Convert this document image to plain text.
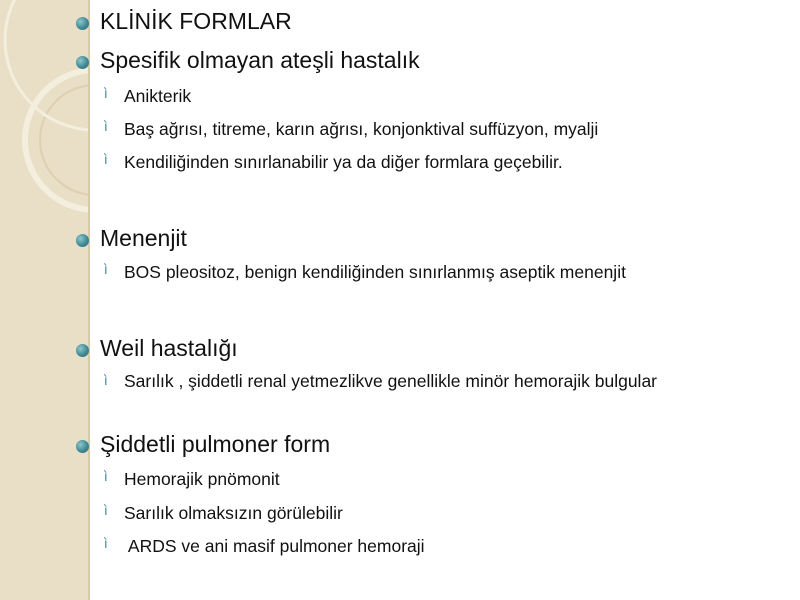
KLİNİK FORMLAR
Spesifik olmayan ateşli hastalık
ì Anikterik
ì Baş ağrısı, titreme, karın ağrısı, konjonktival suffüzyon, myalji
ì Kendiliğinden sınırlanabilir ya da diğer formlara geçebilir.
Menenjit
ì BOS pleositoz, benign kendiliğinden sınırlanmış aseptik menenjit
Weil hastalığı
ì Sarılık , şiddetli renal yetmezlikve genellikle minör hemorajik bulgular
Şiddetli pulmoner form
ì Hemorajik pnömonit
ì Sarılık olmaksızın görülebilir
ì ARDS ve ani masif pulmoner hemoraji
